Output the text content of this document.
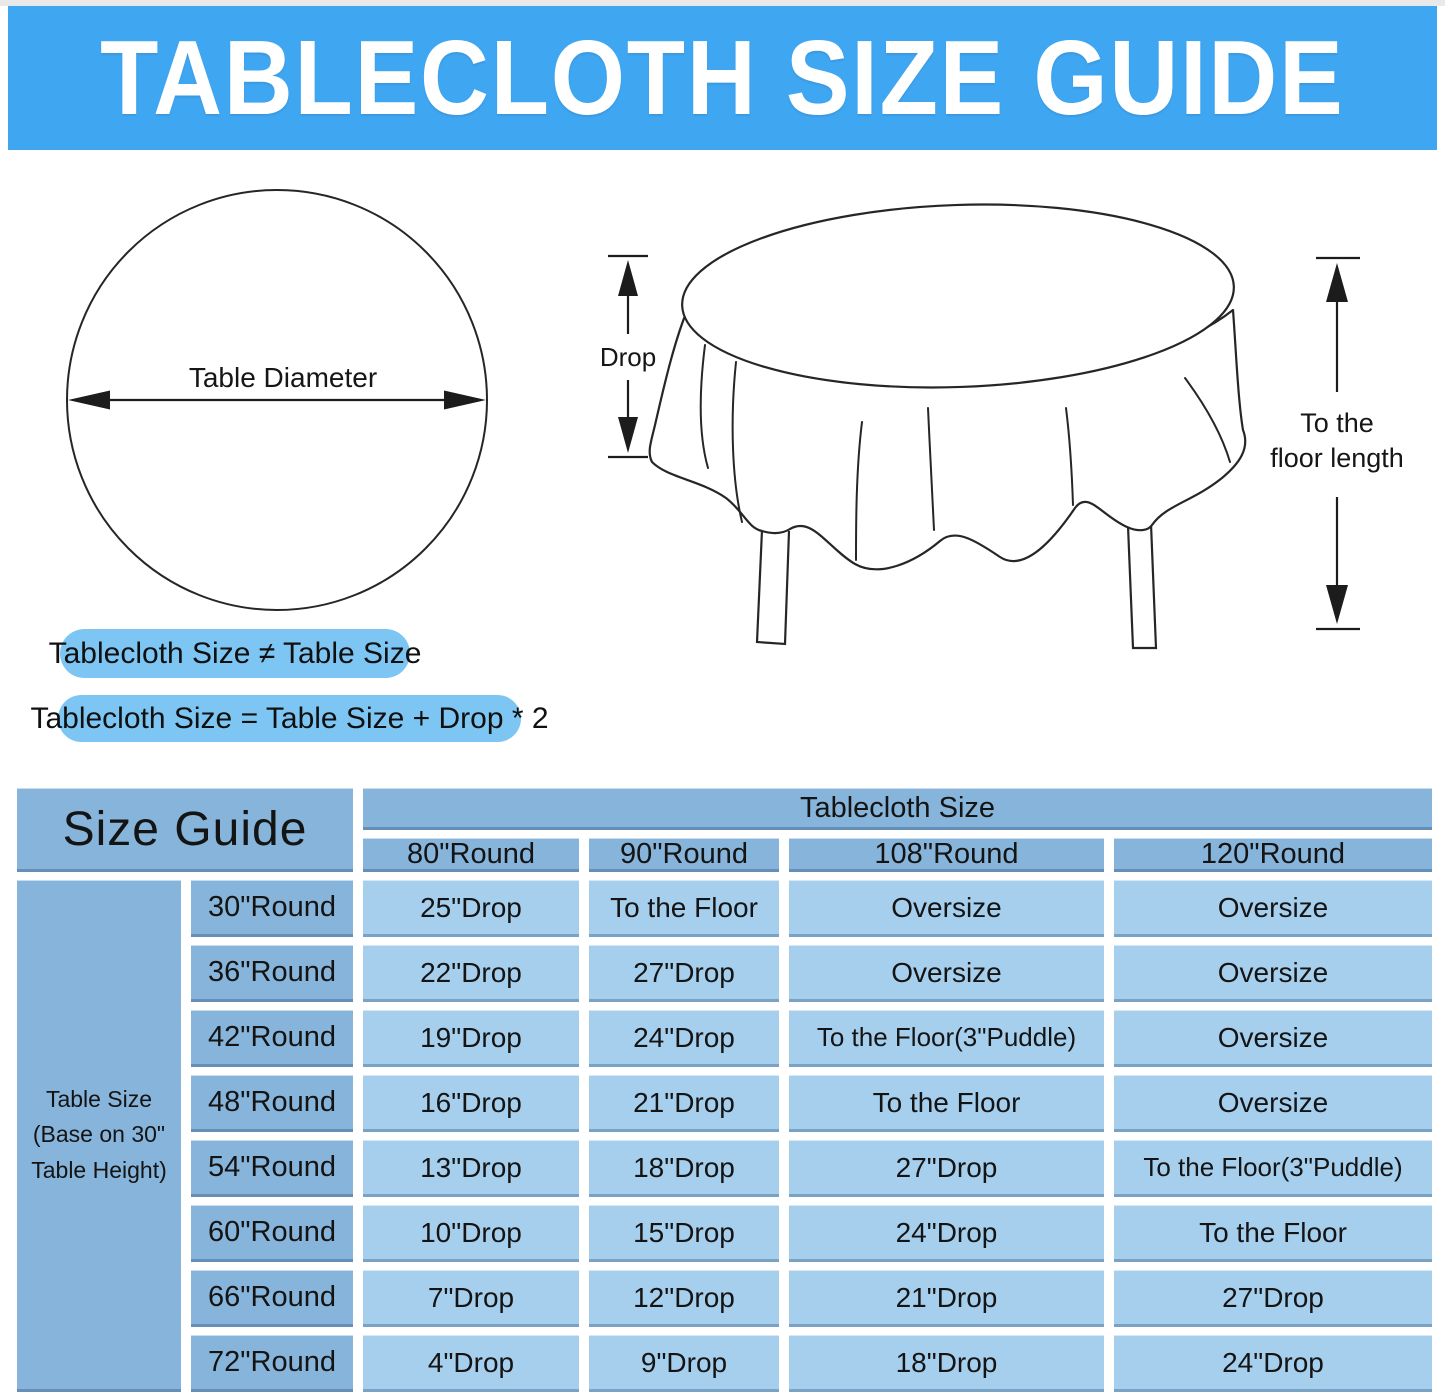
TABLECLOTH SIZE GUIDE
Table Diameter
Drop
To the
floor length
Tablecloth Size ≠ Table Size
Tablecloth Size = Table Size + Drop * 2
Size Guide	Tablecloth Size
80"Round	90"Round	108"Round	120"Round
Table Size
(Base on 30"
Table Height)
30"Round	25"Drop	To the Floor	Oversize	Oversize
36"Round	22"Drop	27"Drop	Oversize	Oversize
42"Round	19"Drop	24"Drop	To the Floor(3"Puddle)	Oversize
48"Round	16"Drop	21"Drop	To the Floor	Oversize
54"Round	13"Drop	18"Drop	27"Drop	To the Floor(3"Puddle)
60"Round	10"Drop	15"Drop	24"Drop	To the Floor
66"Round	7"Drop	12"Drop	21"Drop	27"Drop
72"Round	4"Drop	9"Drop	18"Drop	24"Drop
